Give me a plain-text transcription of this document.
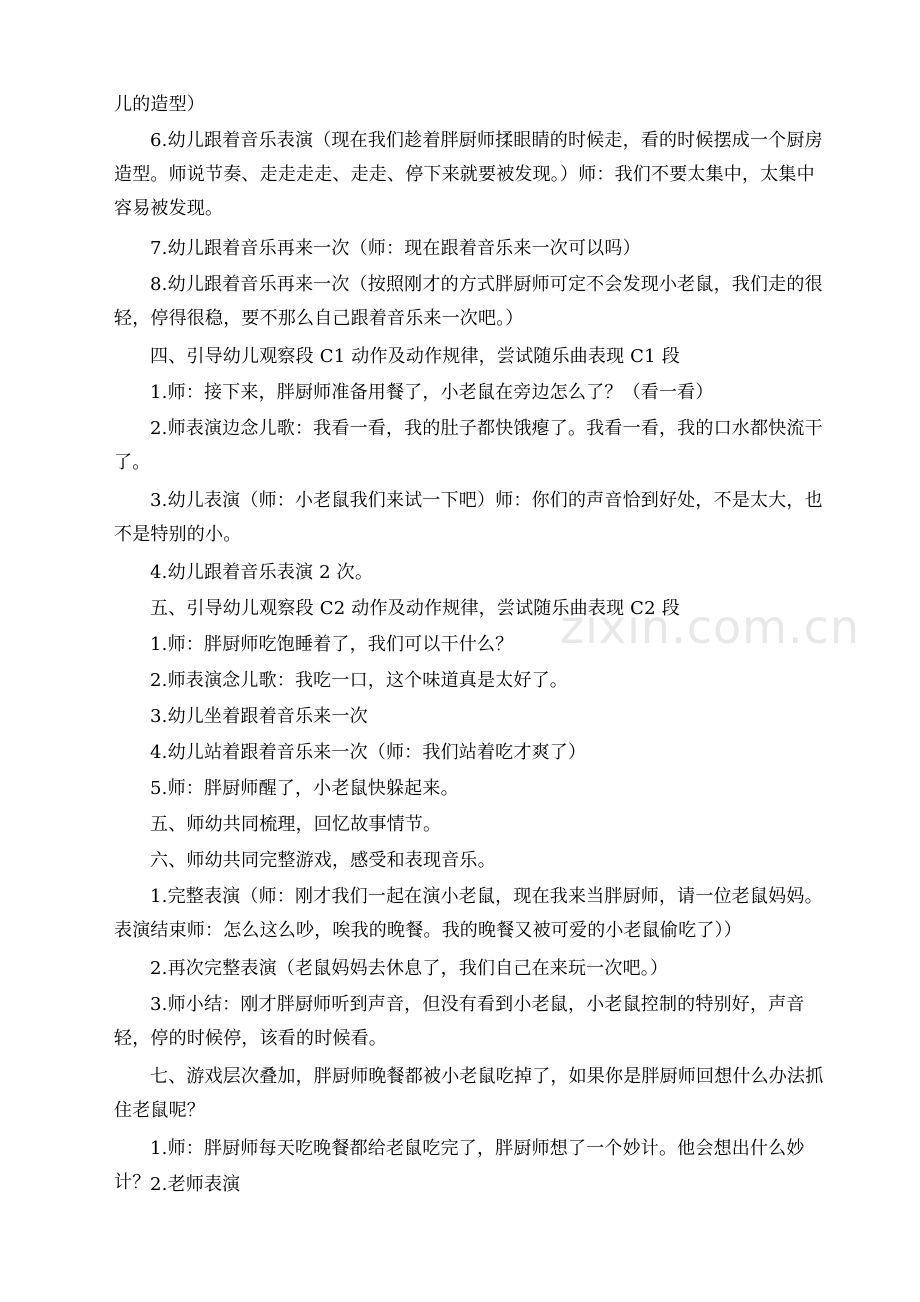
zixin.com.cn

儿的造型）

6.幼儿跟着音乐表演（现在我们趁着胖厨师揉眼睛的时候走，看的时候摆成一个厨房造型。师说节奏、走走走走、走走、停下来就要被发现。）师：我们不要太集中，太集中容易被发现。

7.幼儿跟着音乐再来一次（师：现在跟着音乐来一次可以吗）

8.幼儿跟着音乐再来一次（按照刚才的方式胖厨师可定不会发现小老鼠，我们走的很轻，停得很稳，要不那么自己跟着音乐来一次吧。）

四、引导幼儿观察段 C1 动作及动作规律，尝试随乐曲表现 C1 段

1.师：接下来，胖厨师准备用餐了，小老鼠在旁边怎么了？（看一看）

2.师表演边念儿歌：我看一看，我的肚子都快饿瘪了。我看一看，我的口水都快流干了。

3.幼儿表演（师：小老鼠我们来试一下吧）师：你们的声音恰到好处，不是太大，也不是特别的小。

4.幼儿跟着音乐表演 2 次。

五、引导幼儿观察段 C2 动作及动作规律，尝试随乐曲表现 C2 段

1.师：胖厨师吃饱睡着了，我们可以干什么？

2.师表演念儿歌：我吃一口，这个味道真是太好了。

3.幼儿坐着跟着音乐来一次

4.幼儿站着跟着音乐来一次（师：我们站着吃才爽了）

5.师：胖厨师醒了，小老鼠快躲起来。

五、师幼共同梳理，回忆故事情节。

六、师幼共同完整游戏，感受和表现音乐。

1.完整表演（师：刚才我们一起在演小老鼠，现在我来当胖厨师，请一位老鼠妈妈。表演结束师：怎么这么吵，唉我的晚餐。我的晚餐又被可爱的小老鼠偷吃了））

2.再次完整表演（老鼠妈妈去休息了，我们自己在来玩一次吧。）

3.师小结：刚才胖厨师听到声音，但没有看到小老鼠，小老鼠控制的特别好，声音轻，停的时候停，该看的时候看。

七、游戏层次叠加，胖厨师晚餐都被小老鼠吃掉了，如果你是胖厨师回想什么办法抓住老鼠呢？

1.师：胖厨师每天吃晚餐都给老鼠吃完了，胖厨师想了一个妙计。他会想出什么妙计？ 2.老师表演
